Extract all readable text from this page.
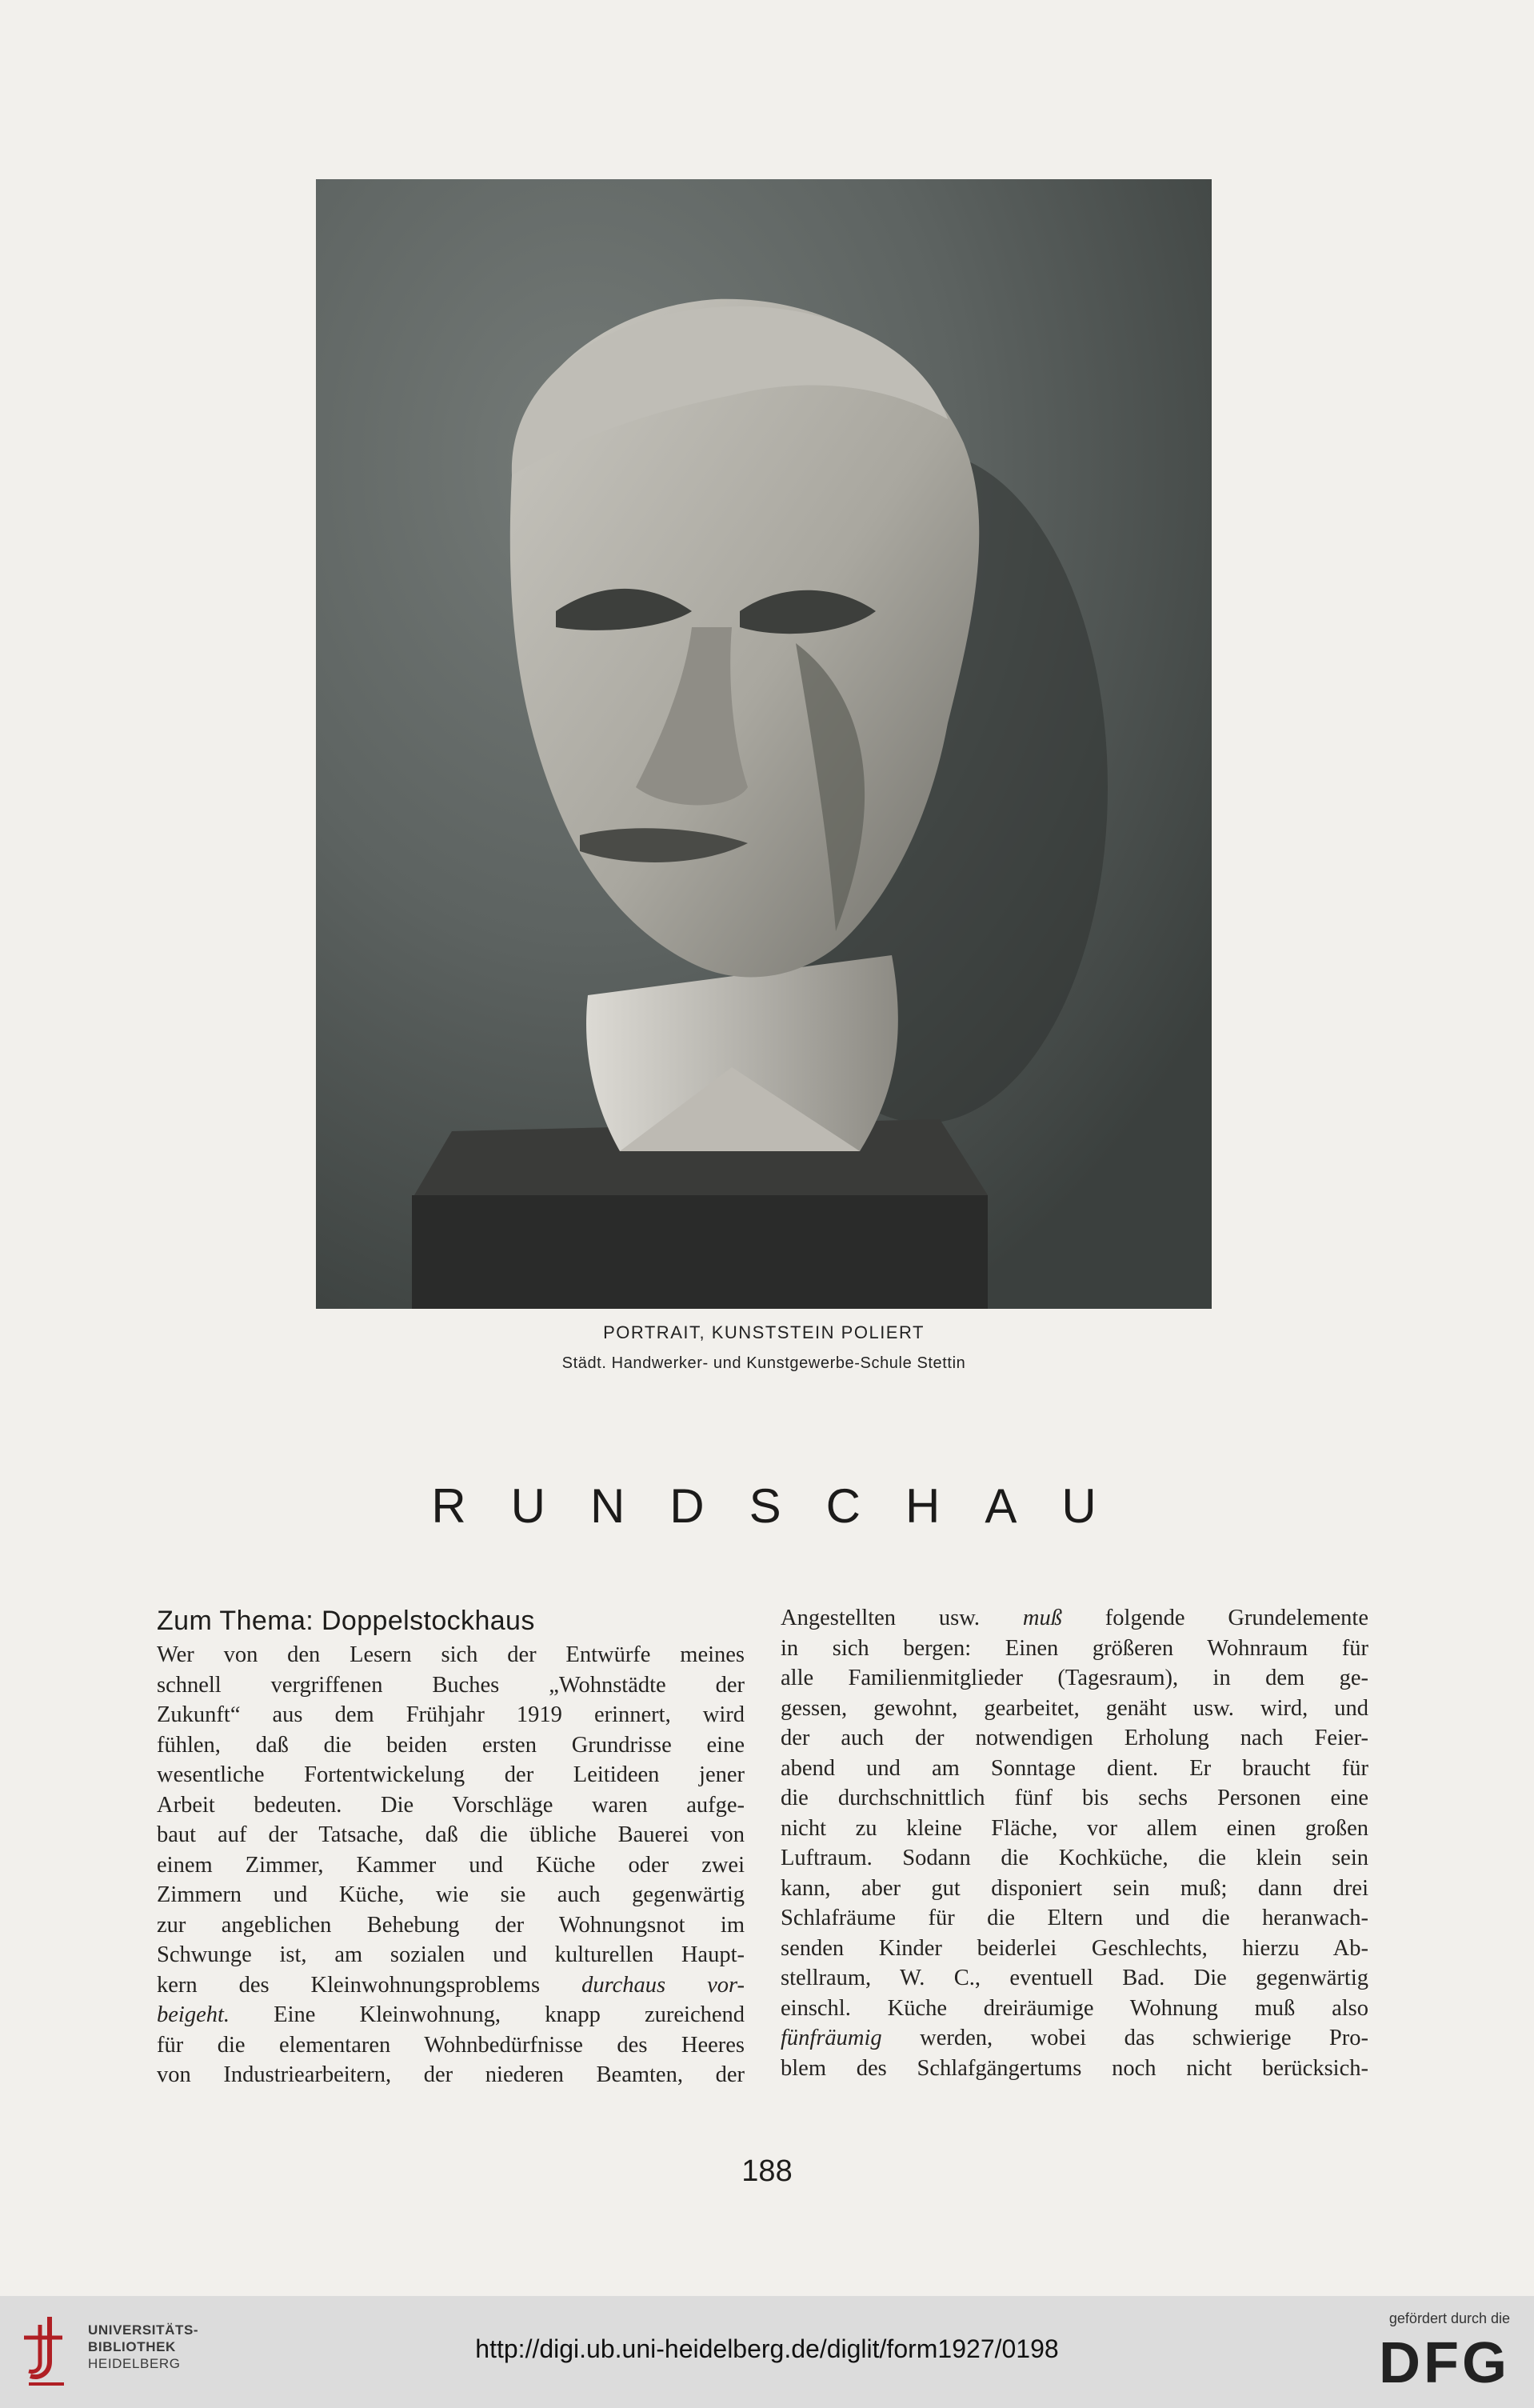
PORTRAIT, KUNSTSTEIN POLIERT
Städt. Handwerker- und Kunstgewerbe-Schule Stettin
RUNDSCHAU
Zum Thema: Doppelstockhaus
Wer von den Lesern sich der Entwürfe meines
schnell vergriffenen Buches „Wohnstädte der
Zukunft“ aus dem Frühjahr 1919 erinnert, wird
fühlen, daß die beiden ersten Grundrisse eine
wesentliche Fortentwickelung der Leitideen jener
Arbeit bedeuten. Die Vorschläge waren aufge-
baut auf der Tatsache, daß die übliche Bauerei von
einem Zimmer, Kammer und Küche oder zwei
Zimmern und Küche, wie sie auch gegenwärtig
zur angeblichen Behebung der Wohnungsnot im
Schwunge ist, am sozialen und kulturellen Haupt-
kern des Kleinwohnungsproblems durchaus vor-
beigeht. Eine Kleinwohnung, knapp zureichend
für die elementaren Wohnbedürfnisse des Heeres
von Industriearbeitern, der niederen Beamten, der
Angestellten usw. muß folgende Grundelemente
in sich bergen: Einen größeren Wohnraum für
alle Familienmitglieder (Tagesraum), in dem ge-
gessen, gewohnt, gearbeitet, genäht usw. wird, und
der auch der notwendigen Erholung nach Feier-
abend und am Sonntage dient. Er braucht für
die durchschnittlich fünf bis sechs Personen eine
nicht zu kleine Fläche, vor allem einen großen
Luftraum. Sodann die Kochküche, die klein sein
kann, aber gut disponiert sein muß; dann drei
Schlafräume für die Eltern und die heranwach-
senden Kinder beiderlei Geschlechts, hierzu Ab-
stellraum, W. C., eventuell Bad. Die gegenwärtig
einschl. Küche dreiräumige Wohnung muß also
fünfräumig werden, wobei das schwierige Pro-
blem des Schlafgängertums noch nicht berücksich-
188
UNIVERSITÄTS-
BIBLIOTHEK
HEIDELBERG
http://digi.ub.uni-heidelberg.de/diglit/form1927/0198
gefördert durch die
DFG
